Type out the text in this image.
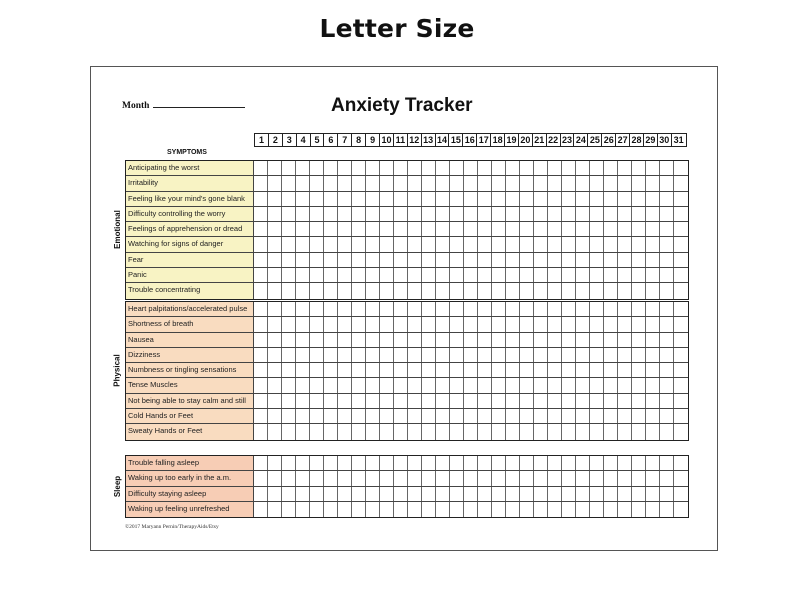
Letter Size
Month	Anxiety Tracker
1 2 3 4 5 6 7 8 9 10 11 12 13 14 15 16 17 18 19 20 21 22 23 24 25 26 27 28 29 30 31
SYMPTOMS
Emotional
Anticipating the worst
Irritability
Feeling like your mind's gone blank
Difficulty controlling the worry
Feelings of apprehension or dread
Watching for signs of danger
Fear
Panic
Trouble concentrating
Physical
Heart palpitations/accelerated pulse
Shortness of breath
Nausea
Dizziness
Numbness or tingling sensations
Tense Muscles
Not being able to stay calm and still
Cold Hands or Feet
Sweaty Hands or Feet
Sleep
Trouble falling asleep
Waking up too early in the a.m.
Difficulty staying asleep
Waking up feeling unrefreshed
©2017 Maryann Pernin/TherapyAids/Etsy
